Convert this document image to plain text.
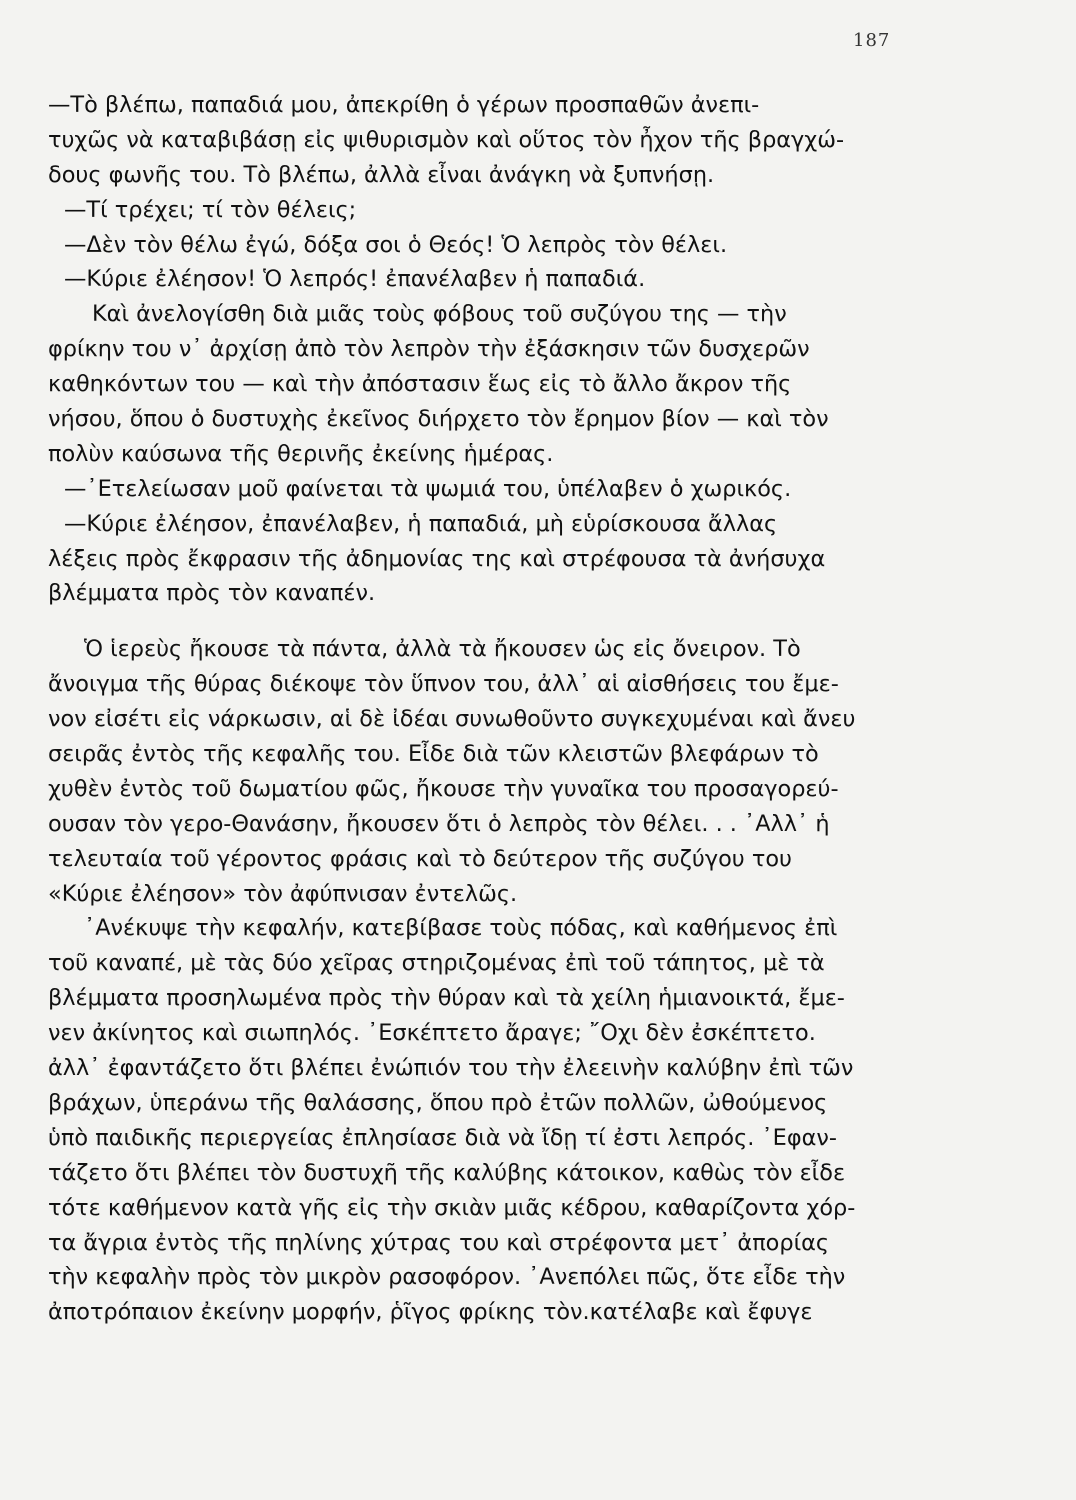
187
—Τὸ βλέπω, παπαδιά μου, ἀπεκρίθη ὁ γέρων προσπαθῶν ἀνεπι-
τυχῶς νὰ καταβιβάσῃ εἰς ψιθυρισμὸν καὶ οὕτος τὸν ἦχον τῆς βραγχώ-
δους φωνῆς του. Τὸ βλέπω, ἀλλὰ εἶναι ἀνάγκη νὰ ξυπνήσῃ.
—Τί τρέχει; τί τὸν θέλεις;
—Δὲν τὸν θέλω ἐγώ, δόξα σοι ὁ Θεός! Ὁ λεπρὸς τὸν θέλει.
—Κύριε ἐλέησον! Ὁ λεπρός! ἐπανέλαβεν ἡ παπαδιά.
Καὶ ἀνελογίσθη διὰ μιᾶς τοὺς φόβους τοῦ συζύγου της — τὴν
φρίκην του ν᾿ ἀρχίσῃ ἀπὸ τὸν λεπρὸν τὴν ἐξάσκησιν τῶν δυσχερῶν
καθηκόντων του — καὶ τὴν ἀπόστασιν ἕως εἰς τὸ ἄλλο ἄκρον τῆς
νήσου, ὅπου ὁ δυστυχὴς ἐκεῖνος διήρχετο τὸν ἔρημον βίον — καὶ τὸν
πολὺν καύσωνα τῆς θερινῆς ἐκείνης ἡμέρας.
—᾿Ετελείωσαν μοῦ φαίνεται τὰ ψωμιά του, ὑπέλαβεν ὁ χωρικός.
—Κύριε ἐλέησον, ἐπανέλαβεν, ἡ παπαδιά, μὴ εὑρίσκουσα ἄλλας
λέξεις πρὸς ἔκφρασιν τῆς ἀδημονίας της καὶ στρέφουσα τὰ ἀνήσυχα
βλέμματα πρὸς τὸν καναπέν.
Ὁ ἱερεὺς ἤκουσε τὰ πάντα, ἀλλὰ τὰ ἤκουσεν ὡς εἰς ὄνειρον. Τὸ
ἄνοιγμα τῆς θύρας διέκοψε τὸν ὕπνον του, ἀλλ᾿ αἱ αἰσθήσεις του ἔμε-
νον εἰσέτι εἰς νάρκωσιν, αἱ δὲ ἰδέαι συνωθοῦντο συγκεχυμέναι καὶ ἄνευ
σειρᾶς ἐντὸς τῆς κεφαλῆς του. Εἶδε διὰ τῶν κλειστῶν βλεφάρων τὸ
χυθὲν ἐντὸς τοῦ δωματίου φῶς, ἤκουσε τὴν γυναῖκα του προσαγορεύ-
ουσαν τὸν γερο-Θανάσην, ἤκουσεν ὅτι ὁ λεπρὸς τὸν θέλει. . . ᾿Αλλ᾿ ἡ
τελευταία τοῦ γέροντος φράσις καὶ τὸ δεύτερον τῆς συζύγου του
«Κύριε ἐλέησον» τὸν ἀφύπνισαν ἐντελῶς.
᾿Ανέκυψε τὴν κεφαλήν, κατεβίβασε τοὺς πόδας, καὶ καθήμενος ἐπὶ
τοῦ καναπέ, μὲ τὰς δύο χεῖρας στηριζομένας ἐπὶ τοῦ τάπητος, μὲ τὰ
βλέμματα προσηλωμένα πρὸς τὴν θύραν καὶ τὰ χείλη ἡμιανοικτά, ἔμε-
νεν ἀκίνητος καὶ σιωπηλός. ᾿Εσκέπτετο ἄραγε; ῎Οχι δὲν ἐσκέπτετο.
ἀλλ᾿ ἐφαντάζετο ὅτι βλέπει ἐνώπιόν του τὴν ἐλεεινὴν καλύβην ἐπὶ τῶν
βράχων, ὑπεράνω τῆς θαλάσσης, ὅπου πρὸ ἐτῶν πολλῶν, ὠθούμενος
ὑπὸ παιδικῆς περιεργείας ἐπλησίασε διὰ νὰ ἴδῃ τί ἐστι λεπρός. ᾿Εφαν-
τάζετο ὅτι βλέπει τὸν δυστυχῆ τῆς καλύβης κάτοικον, καθὼς τὸν εἶδε
τότε καθήμενον κατὰ γῆς εἰς τὴν σκιὰν μιᾶς κέδρου, καθαρίζοντα χόρ-
τα ἄγρια ἐντὸς τῆς πηλίνης χύτρας του καὶ στρέφοντα μετ᾿ ἀπορίας
τὴν κεφαλὴν πρὸς τὸν μικρὸν ρασοφόρον. ᾿Ανεπόλει πῶς, ὅτε εἶδε τὴν
ἀποτρόπαιον ἐκείνην μορφήν, ῥῖγος φρίκης τὸν.κατέλαβε καὶ ἔφυγε
